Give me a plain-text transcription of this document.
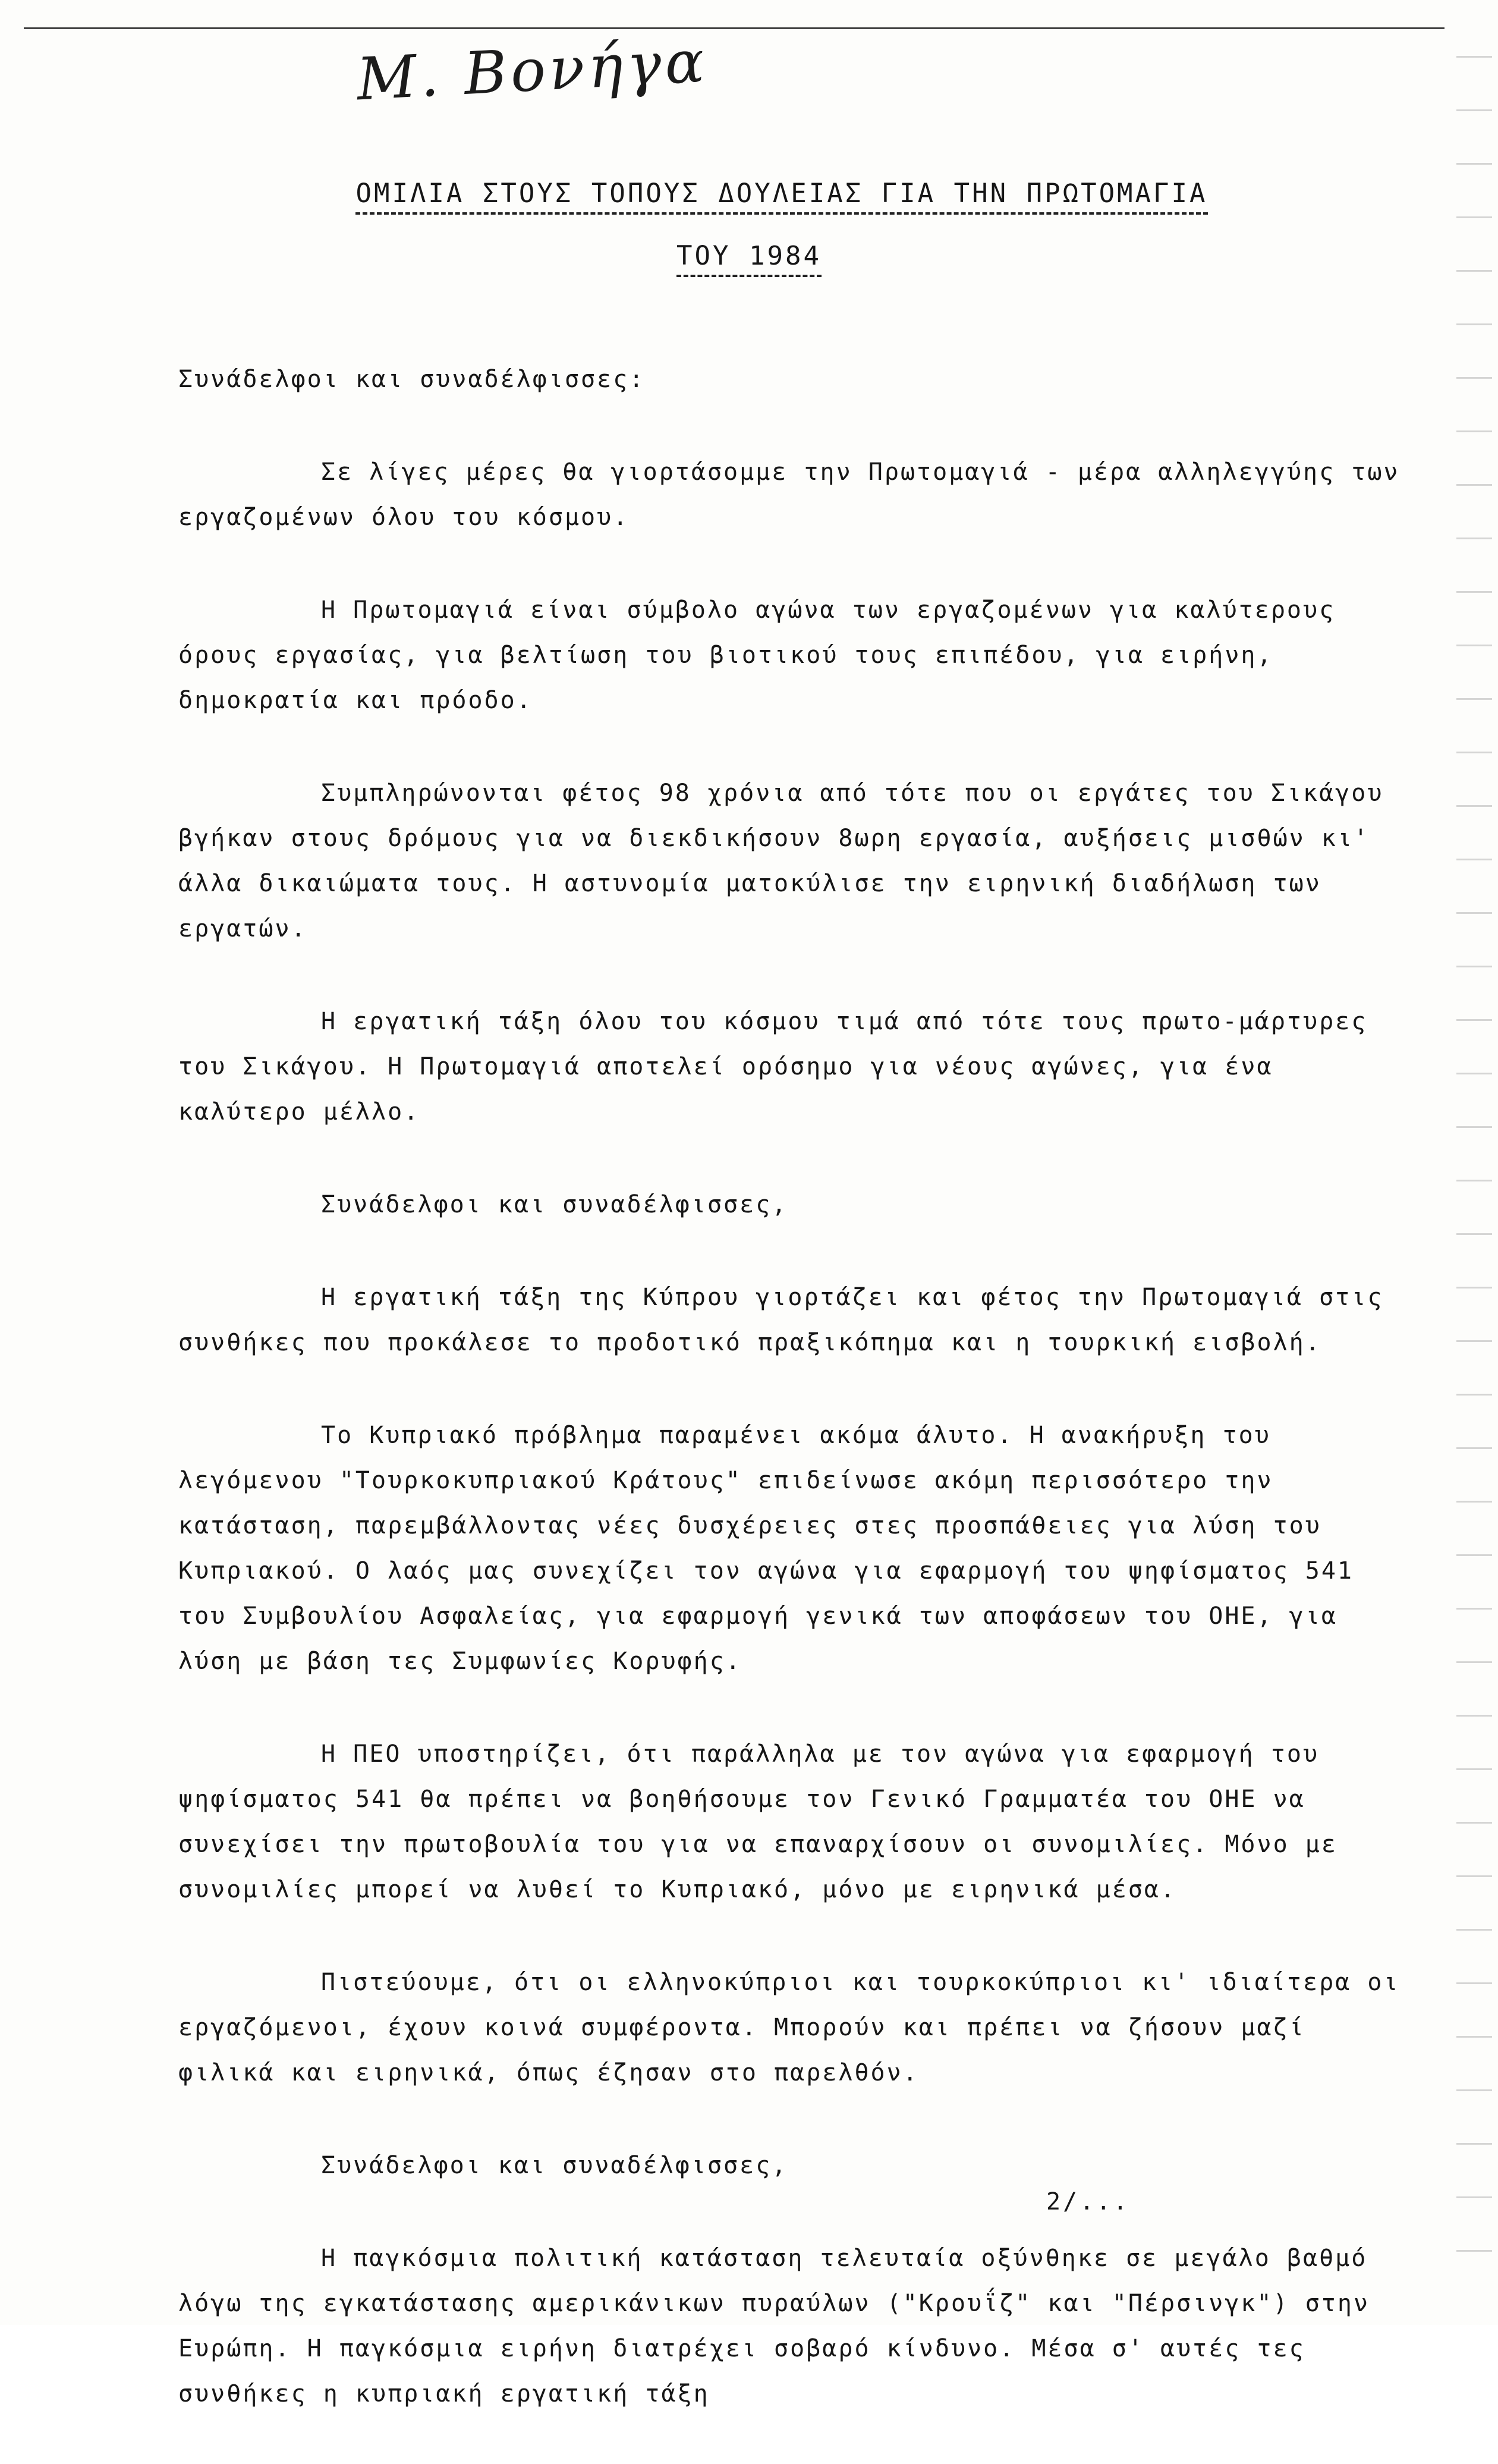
Μ. Βονήγα
ΟΜΙΛΙΑ ΣΤΟΥΣ ΤΟΠΟΥΣ ΔΟΥΛΕΙΑΣ ΓΙΑ ΤΗΝ ΠΡΩΤΟΜΑΓΙΑ
ΤΟΥ 1984

Συνάδελφοι και συναδέλφισσες:

Σε λίγες μέρες θα γιορτάσομμε την Πρωτομαγιά - μέρα αλληλεγγύης των εργαζομένων όλου του κόσμου.

Η Πρωτομαγιά είναι σύμβολο αγώνα των εργαζομένων για καλύτερους όρους εργασίας, για βελτίωση του βιοτικού τους επιπέδου, για ειρήνη, δημοκρατία και πρόοδο.

Συμπληρώνονται φέτος 98 χρόνια από τότε που οι εργάτες του Σικάγου βγήκαν στους δρόμους για να διεκδικήσουν 8ωρη εργασία, αυξήσεις μισθών κι' άλλα δικαιώματα τους. Η αστυνομία ματοκύλισε την ειρηνική διαδήλωση των εργατών.

Η εργατική τάξη όλου του κόσμου τιμά από τότε τους πρωτο-μάρτυρες του Σικάγου. Η Πρωτομαγιά αποτελεί ορόσημο για νέους αγώνες, για ένα καλύτερο μέλλο.

Συνάδελφοι και συναδέλφισσες,

Η εργατική τάξη της Κύπρου γιορτάζει και φέτος την Πρωτομαγιά στις συνθήκες που προκάλεσε το προδοτικό πραξικόπημα και η τουρκική εισβολή.

Το Κυπριακό πρόβλημα παραμένει ακόμα άλυτο. Η ανακήρυξη του λεγόμενου "Τουρκοκυπριακού Κράτους" επιδείνωσε ακόμη περισσότερο την κατάσταση, παρεμβάλλοντας νέες δυσχέρειες στες προσπάθειες για λύση του Κυπριακού. Ο λαός μας συνεχίζει τον αγώνα για εφαρμογή του ψηφίσματος 541 του Συμβουλίου Ασφαλείας, για εφαρμογή γενικά των αποφάσεων του ΟΗΕ, για λύση με βάση τες Συμφωνίες Κορυφής.

Η ΠΕΟ υποστηρίζει, ότι παράλληλα με τον αγώνα για εφαρμογή του ψηφίσματος 541 θα πρέπει να βοηθήσουμε τον Γενικό Γραμματέα του ΟΗΕ να συνεχίσει την πρωτοβουλία του για να επαναρχίσουν οι συνομιλίες. Μόνο με συνομιλίες μπορεί να λυθεί το Κυπριακό, μόνο με ειρηνικά μέσα.

Πιστεύουμε, ότι οι ελληνοκύπριοι και τουρκοκύπριοι κι' ιδιαίτερα οι εργαζόμενοι, έχουν κοινά συμφέροντα. Μπορούν και πρέπει να ζήσουν μαζί φιλικά και ειρηνικά, όπως έζησαν στο παρελθόν.

Συνάδελφοι και συναδέλφισσες,

Η παγκόσμια πολιτική κατάσταση τελευταία οξύνθηκε σε μεγάλο βαθμό λόγω της εγκατάστασης αμερικάνικων πυραύλων ("Κρουΐζ" και "Πέρσινγκ") στην Ευρώπη. Η παγκόσμια ειρήνη διατρέχει σοβαρό κίνδυνο. Μέσα σ' αυτές τες συνθήκες η κυπριακή εργατική τάξη

2/...
